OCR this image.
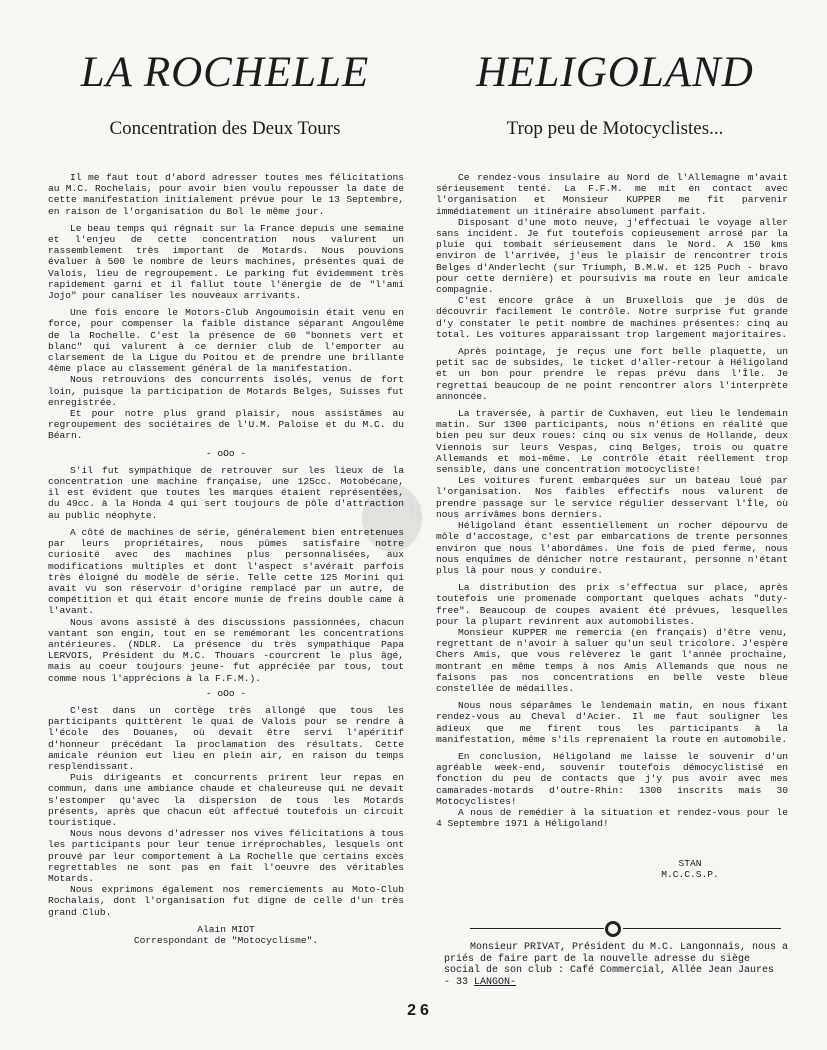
LA ROCHELLE	HELIGOLAND
Concentration des Deux Tours	Trop peu de Motocyclistes...
k

Il me faut tout d'abord adresser toutes mes félicitations au M.C. Rochelais, pour avoir bien voulu repousser la date de cette manifestation initialement prévue pour le 13 Septembre, en raison de l'organisation du Bol le même jour.

Le beau temps qui régnait sur la France depuis une semaine et l'enjeu de cette concentration nous valurent un rassemblement très important de Motards. Nous pouvions évaluer à 500 le nombre de leurs machines, présentes quai de Valois, lieu de regroupement. Le parking fut évidemment très rapidement garni et il fallut toute l'énergie de de "l'ami Jojo" pour canaliser les nouveaux arrivants.

Une fois encore le Motors-Club Angoumoisin était venu en force, pour compenser la faible distance séparant Angoulême de la Rochelle. C'est la présence de 60 "bonnets vert et blanc" qui valurent à ce dernier club de l'emporter au clarsement de la Ligue du Poitou et de prendre une brillante 4ème place au classement général de la manifestation.

Nous retrouvions des concurrents isolés, venus de fort loin, puisque la participation de Motards Belges, Suisses fut enregistrée.

Et pour notre plus grand plaisir, nous assistâmes au regroupement des sociétaires de l'U.M. Paloise et du M.C. du Béarn.

- oOo -

S'il fut sympathique de retrouver sur les lieux de la concentration une machine française, une 125cc. Motobécane, il est évident que toutes les marques étaient représentées, du 49cc. à la Honda 4 qui sert toujours de pôle d'attraction au public néophyte.

A côté de machines de série, généralement bien entretenues par leurs propriétaires, nous pûmes satisfaire notre curiosité avec des machines plus personnalisées, aux modifications multiples et dont l'aspect s'avérait parfois très éloigné du modèle de série. Telle cette 125 Morini qui avait vu son réservoir d'origine remplacé par un autre, de compétition et qui était encore munie de freins double came à l'avant.

Nous avons assisté à des discussions passionnées, chacun vantant son engin, tout en se remémorant les concentrations antérieures. (NDLR. La présence du très sympathique Papa LERVOIS, Président du M.C. Thouars -courcrent le plus âgé, mais au coeur toujours jeune- fut appréciée par tous, tout comme nous l'apprécions à la F.F.M.).

- oOo -

C'est dans un cortège très allongé que tous les participants quittèrent le quai de Valois pour se rendre à l'école des Douanes, où devait être servi l'apéritif d'honneur précédant la proclamation des résultats. Cette amicale réunion eut lieu en plein air, en raison du temps resplendissant.

Puis dirigeants et concurrents prirent leur repas en commun, dans une ambiance chaude et chaleureuse qui ne devait s'estomper qu'avec la dispersion de tous les Motards présents, après que chacun eût affectué toutefois un circuit touristique.

Nous nous devons d'adresser nos vives félicitations à tous les participants pour leur tenue irréprochables, lesquels ont prouvé par leur comportement à La Rochelle que certains excès regrettables ne sont pas en fait l'oeuvre des véritables Motards.

Nous exprimons également nos remerciements au Moto-Club Rochalais, dont l'organisation fut digne de celle d'un très grand Club.

Alain MIOT
Correspondant de "Motocyclisme".

Ce rendez-vous insulaire au Nord de l'Allemagne m'avait sérieusement tenté. La F.F.M. me mit en contact avec l'organisation et Monsieur KUPPER me fit parvenir immédiatement un itinéraire absolument parfait.

Disposant d'une moto neuve, j'effectuai le voyage aller sans incident. Je fut toutefois copieusement arrosé par la pluie qui tombait sérieusement dans le Nord. A 150 kms environ de l'arrivée, j'eus le plaisir de rencontrer trois Belges d'Anderlecht (sur Triumph, B.M.W. et 125 Puch - bravo pour cette dernière) et poursuivis ma route en leur amicale compagnie.

C'est encore grâce à un Bruxellois que je dûs de découvrir facilement le contrôle. Notre surprise fut grande d'y constater le petit nombre de machines présentes: cinq au total. Les voitures apparaissant trop largement majoritaires.

Après pointage, je reçus une fort belle plaquette, un petit sac de subsides, le ticket d'aller-retour à Héligoland et un bon pour prendre le repas prévu dans l'Île. Je regrettai beaucoup de ne point rencontrer alors l'interprète annoncée.

La traversée, à partir de Cuxhaven, eut lieu le lendemain matin. Sur 1300 participants, nous n'étions en réalité que bien peu sur deux roues: cinq ou six venus de Hollande, deux Viennois sur leurs Vespas, cinq Belges, trois ou quatre Allemands et moi-même. Le contrôle était réellement trop sensible, dans une concentration motocycliste!

Les voitures furent embarquées sur un bateau loué par l'organisation. Nos faibles effectifs nous valurent de prendre passage sur le service régulier desservant l'Île, où nous arrivâmes bons derniers.

Héligoland étant essentiellement un rocher dépourvu de môle d'accostage, c'est par embarcations de trente personnes environ que nous l'abordâmes. Une fois de pied ferme, nous nous enquîmes de dénicher notre restaurant, personne n'étant plus là pour nous y conduire.

La distribution des prix s'effectua sur place, après toutefois une promenade comportant quelques achats "duty-free". Beaucoup de coupes avaient été prévues, lesquelles pour la plupart revinrent aux automobilistes.

Monsieur KUPPER me remercia (en français) d'être venu, regrettant de n'avoir à saluer qu'un seul tricolore. J'espère Chers Amis, que vous relèverez le gant l'année prochaine, montrant en même temps à nos Amis Allemands que nous ne faisons pas nos concentrations en belle veste bleue constellée de médailles.

Nous nous séparâmes le lendemain matin, en nous fixant rendez-vous au Cheval d'Acier. Il me faut souligner les adieux que me firent tous les participants à la manifestation, même s'ils reprenaient la route en automobile.

En conclusion, Héligoland me laisse le souvenir d'un agréable week-end, souvenir toutefois démocyclistisé en fonction du peu de contacts que j'y pus avoir avec mes camarades-motards d'outre-Rhin: 1300 inscrits mais 30 Motocyclistes!

A nous de remédier à la situation et rendez-vous pour le 4 Septembre 1971 à Héligoland!

STAN
M.C.C.S.P.

Monsieur PRIVAT, Président du M.C. Langonnais, nous a priés de faire part de la nouvelle adresse du siège social de son club : Café Commercial, Allée Jean Jaures

- 33 LANGON-
26
